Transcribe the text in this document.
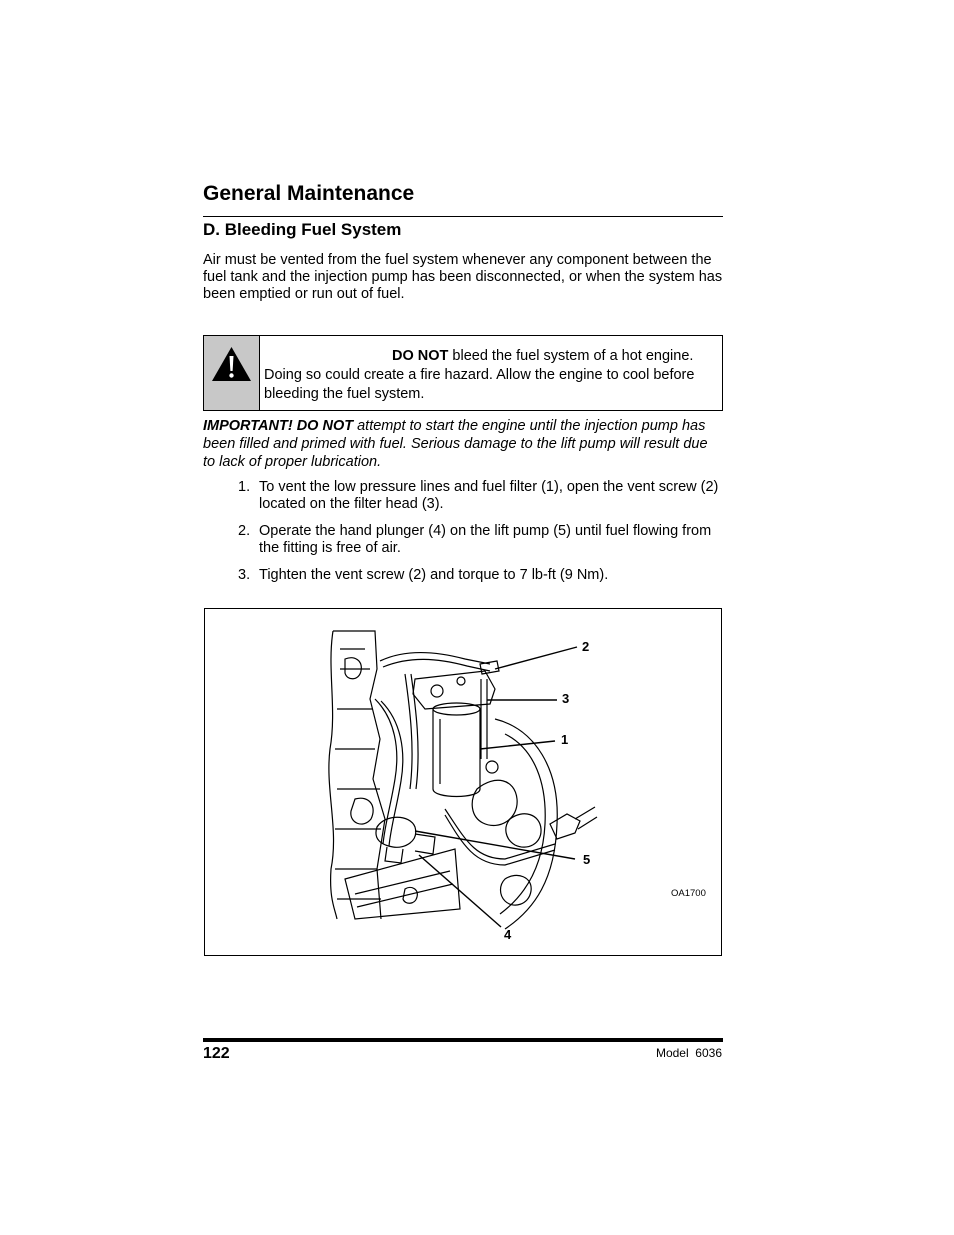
General Maintenance
D. Bleeding Fuel System
Air must be vented from the fuel system whenever any component between the fuel tank and the injection pump has been disconnected, or when the system has been emptied or run out of fuel.
DO NOT bleed the fuel system of a hot engine. Doing so could create a fire hazard. Allow the engine to cool before bleeding the fuel system.
IMPORTANT! DO NOT attempt to start the engine until the injection pump has been filled and primed with fuel. Serious damage to the lift pump will result due to lack of proper lubrication.
1. To vent the low pressure lines and fuel filter (1), open the vent screw (2) located on the filter head (3).
2. Operate the hand plunger (4) on the lift pump (5) until fuel flowing from the fitting is free of air.
3. Tighten the vent screw (2) and torque to 7 lb-ft (9 Nm).
2
3
1
5
4
OA1700
122	Model  6036
